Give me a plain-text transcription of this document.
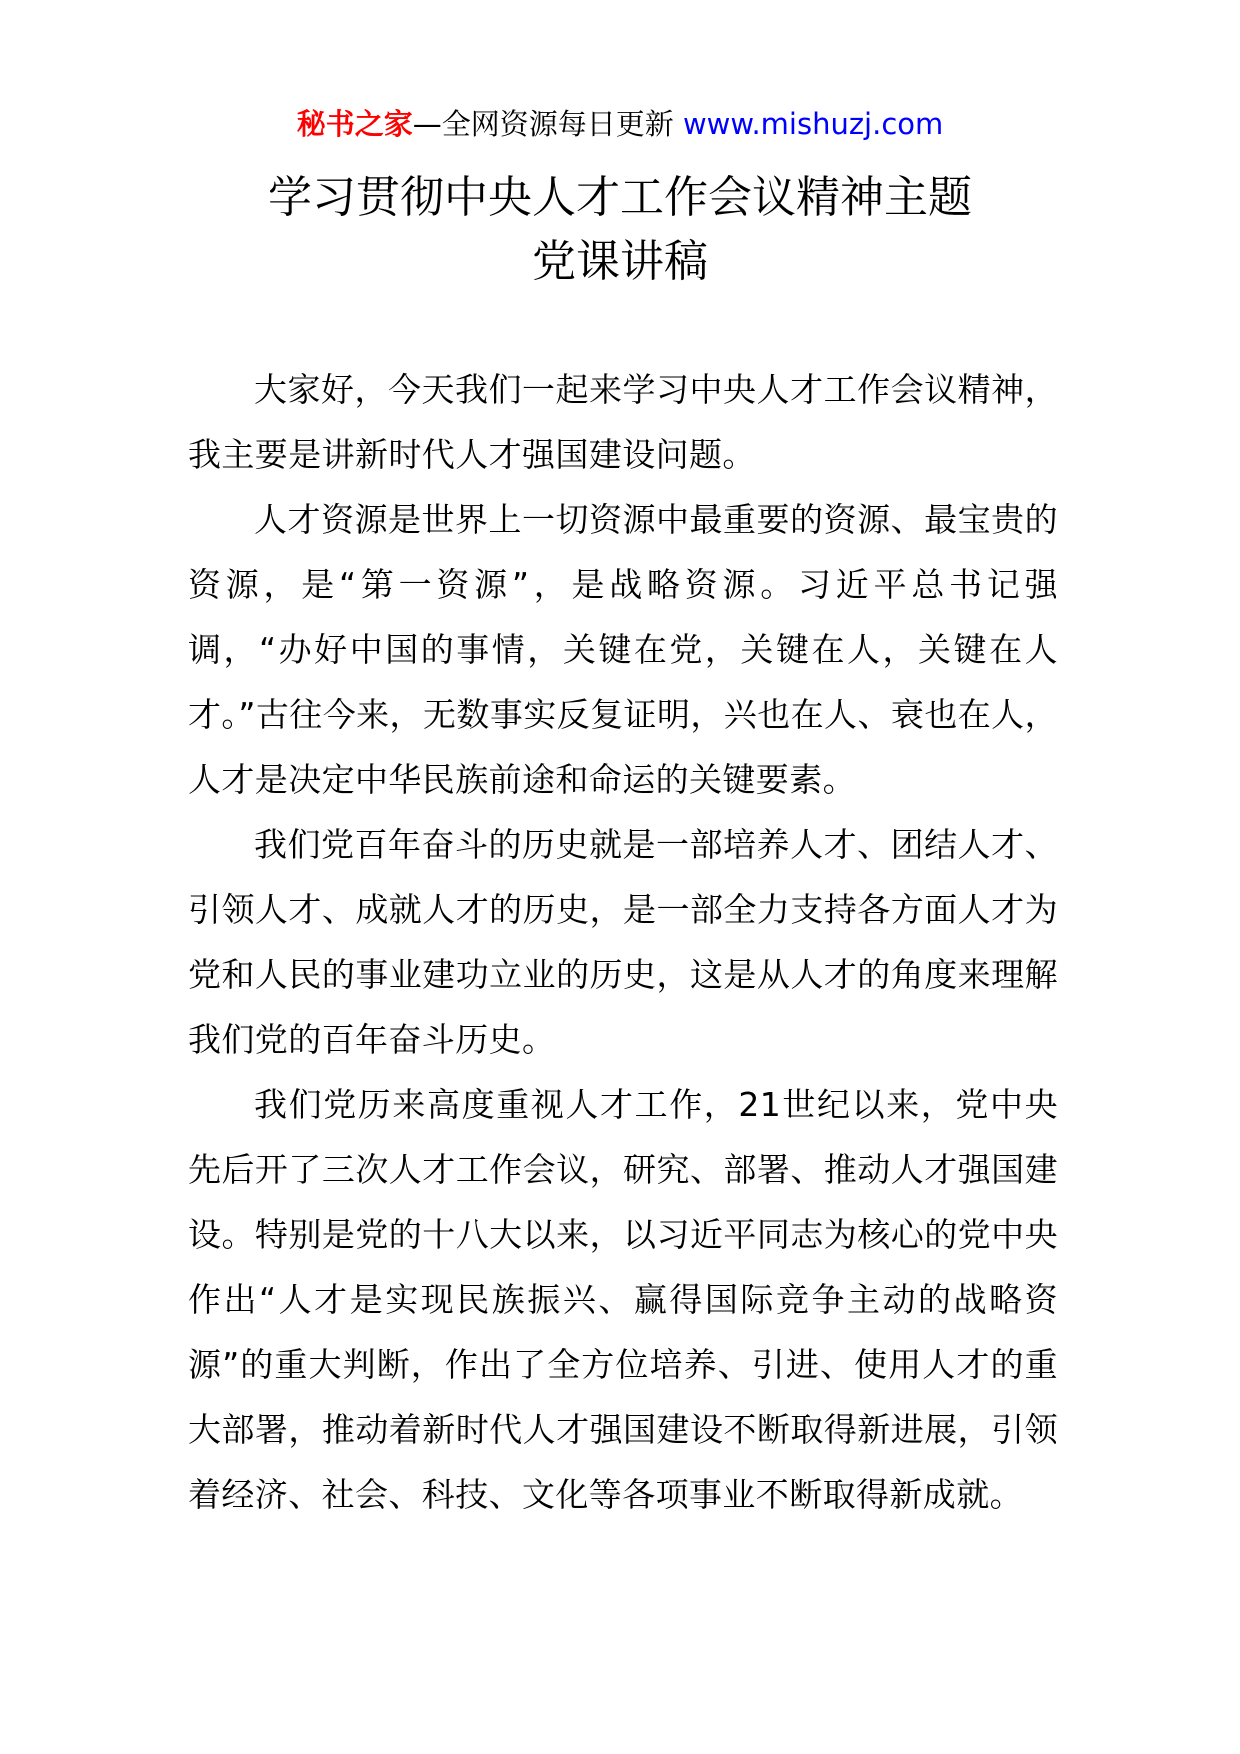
秘书之家—全网资源每日更新 www.mishuzj.com
学习贯彻中央人才工作会议精神主题
党课讲稿

大家好，今天我们一起来学习中央人才工作会议精神，我主要是讲新时代人才强国建设问题。

人才资源是世界上一切资源中最重要的资源、最宝贵的资源，是“第一资源”，是战略资源。习近平总书记强调，“办好中国的事情，关键在党，关键在人，关键在人才。”古往今来，无数事实反复证明，兴也在人、衰也在人，人才是决定中华民族前途和命运的关键要素。

我们党百年奋斗的历史就是一部培养人才、团结人才、引领人才、成就人才的历史，是一部全力支持各方面人才为党和人民的事业建功立业的历史，这是从人才的角度来理解我们党的百年奋斗历史。

我们党历来高度重视人才工作，21世纪以来，党中央先后开了三次人才工作会议，研究、部署、推动人才强国建设。特别是党的十八大以来，以习近平同志为核心的党中央作出“人才是实现民族振兴、赢得国际竞争主动的战略资源”的重大判断，作出了全方位培养、引进、使用人才的重大部署，推动着新时代人才强国建设不断取得新进展，引领着经济、社会、科技、文化等各项事业不断取得新成就。
